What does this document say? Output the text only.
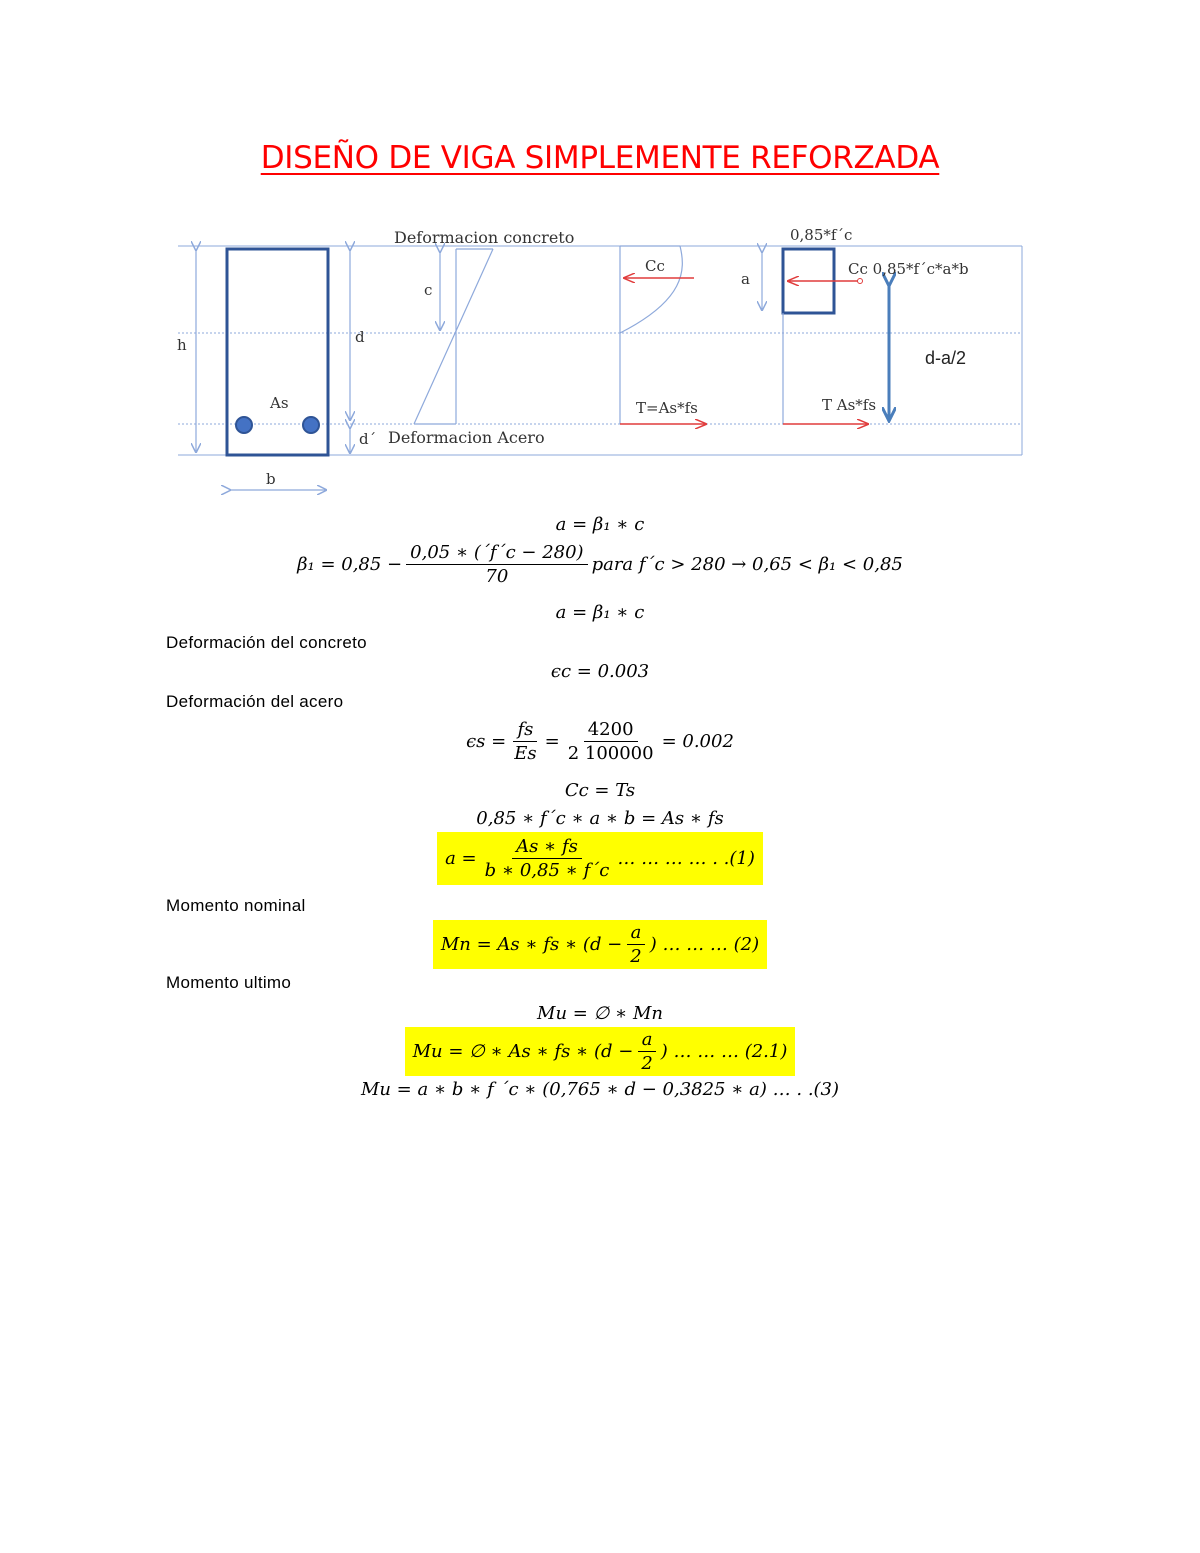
DISEÑO DE VIGA SIMPLEMENTE REFORZADA
h
b
d
d´
As
c
Deformacion concreto
Deformacion Acero
Cc
T=As*fs
0,85*f´c
a
Cc 0,85*f´c*a*b
T As*fs
d-a/2
a = β₁ ∗ c
$\beta_1 = 0,85 - \frac{0,05 ∗ (´f´c - 280)}{70}$ para f´c > 280 → 0,65 < β₁ < 0,85
a = β₁ ∗ c
Deformación del concreto
ϵc = 0.003
Deformación del acero
$\epsilon s = \frac{fs}{Es} = \frac{4200}{2 100000} = 0.002$
Cc = Ts
0,85 ∗ f´c ∗ a ∗ b = As ∗ fs
$a = \frac{As ∗ fs}{b ∗ 0,85 ∗ f´c}$ … … … … . .(1)
Momento nominal
Mn = As ∗ fs ∗ ($d - \frac{a}{2}$ ) … … … (2)
Momento ultimo
Mu = ∅ ∗ Mn
Mu = ∅ ∗ As ∗ fs ∗ ($d - \frac{a}{2}$ ) … … … (2.1)
Mu = a ∗ b ∗ f ´c ∗ (0,765 ∗ d − 0,3825 ∗ a) … . .(3)
